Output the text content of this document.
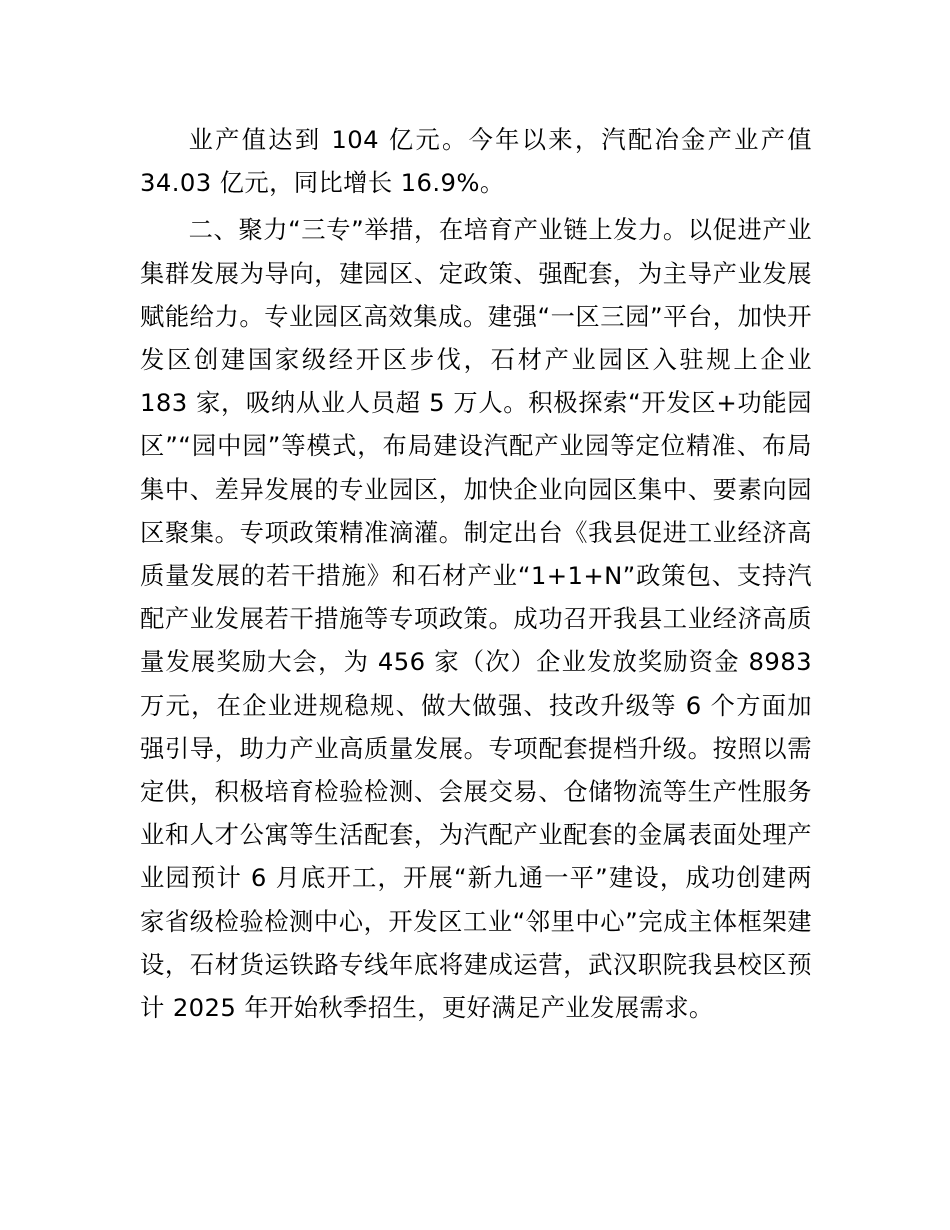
业产值达到 104 亿元。今年以来，汽配冶金产业产值 34.03 亿元，同比增长 16.9%。

二、聚力“三专”举措，在培育产业链上发力。以促进产业集群发展为导向，建园区、定政策、强配套，为主导产业发展赋能给力。专业园区高效集成。建强“一区三园”平台，加快开发区创建国家级经开区步伐，石材产业园区入驻规上企业 183 家，吸纳从业人员超 5 万人。积极探索“开发区+功能园区”“园中园”等模式，布局建设汽配产业园等定位精准、布局集中、差异发展的专业园区，加快企业向园区集中、要素向园区聚集。专项政策精准滴灌。制定出台《我县促进工业经济高质量发展的若干措施》和石材产业“1+1+N”政策包、支持汽配产业发展若干措施等专项政策。成功召开我县工业经济高质量发展奖励大会，为 456 家（次）企业发放奖励资金 8983 万元，在企业进规稳规、做大做强、技改升级等 6 个方面加强引导，助力产业高质量发展。专项配套提档升级。按照以需定供，积极培育检验检测、会展交易、仓储物流等生产性服务业和人才公寓等生活配套，为汽配产业配套的金属表面处理产业园预计 6 月底开工，开展“新九通一平”建设，成功创建两家省级检验检测中心，开发区工业“邻里中心”完成主体框架建设，石材货运铁路专线年底将建成运营，武汉职院我县校区预计 2025 年开始秋季招生，更好满足产业发展需求。
